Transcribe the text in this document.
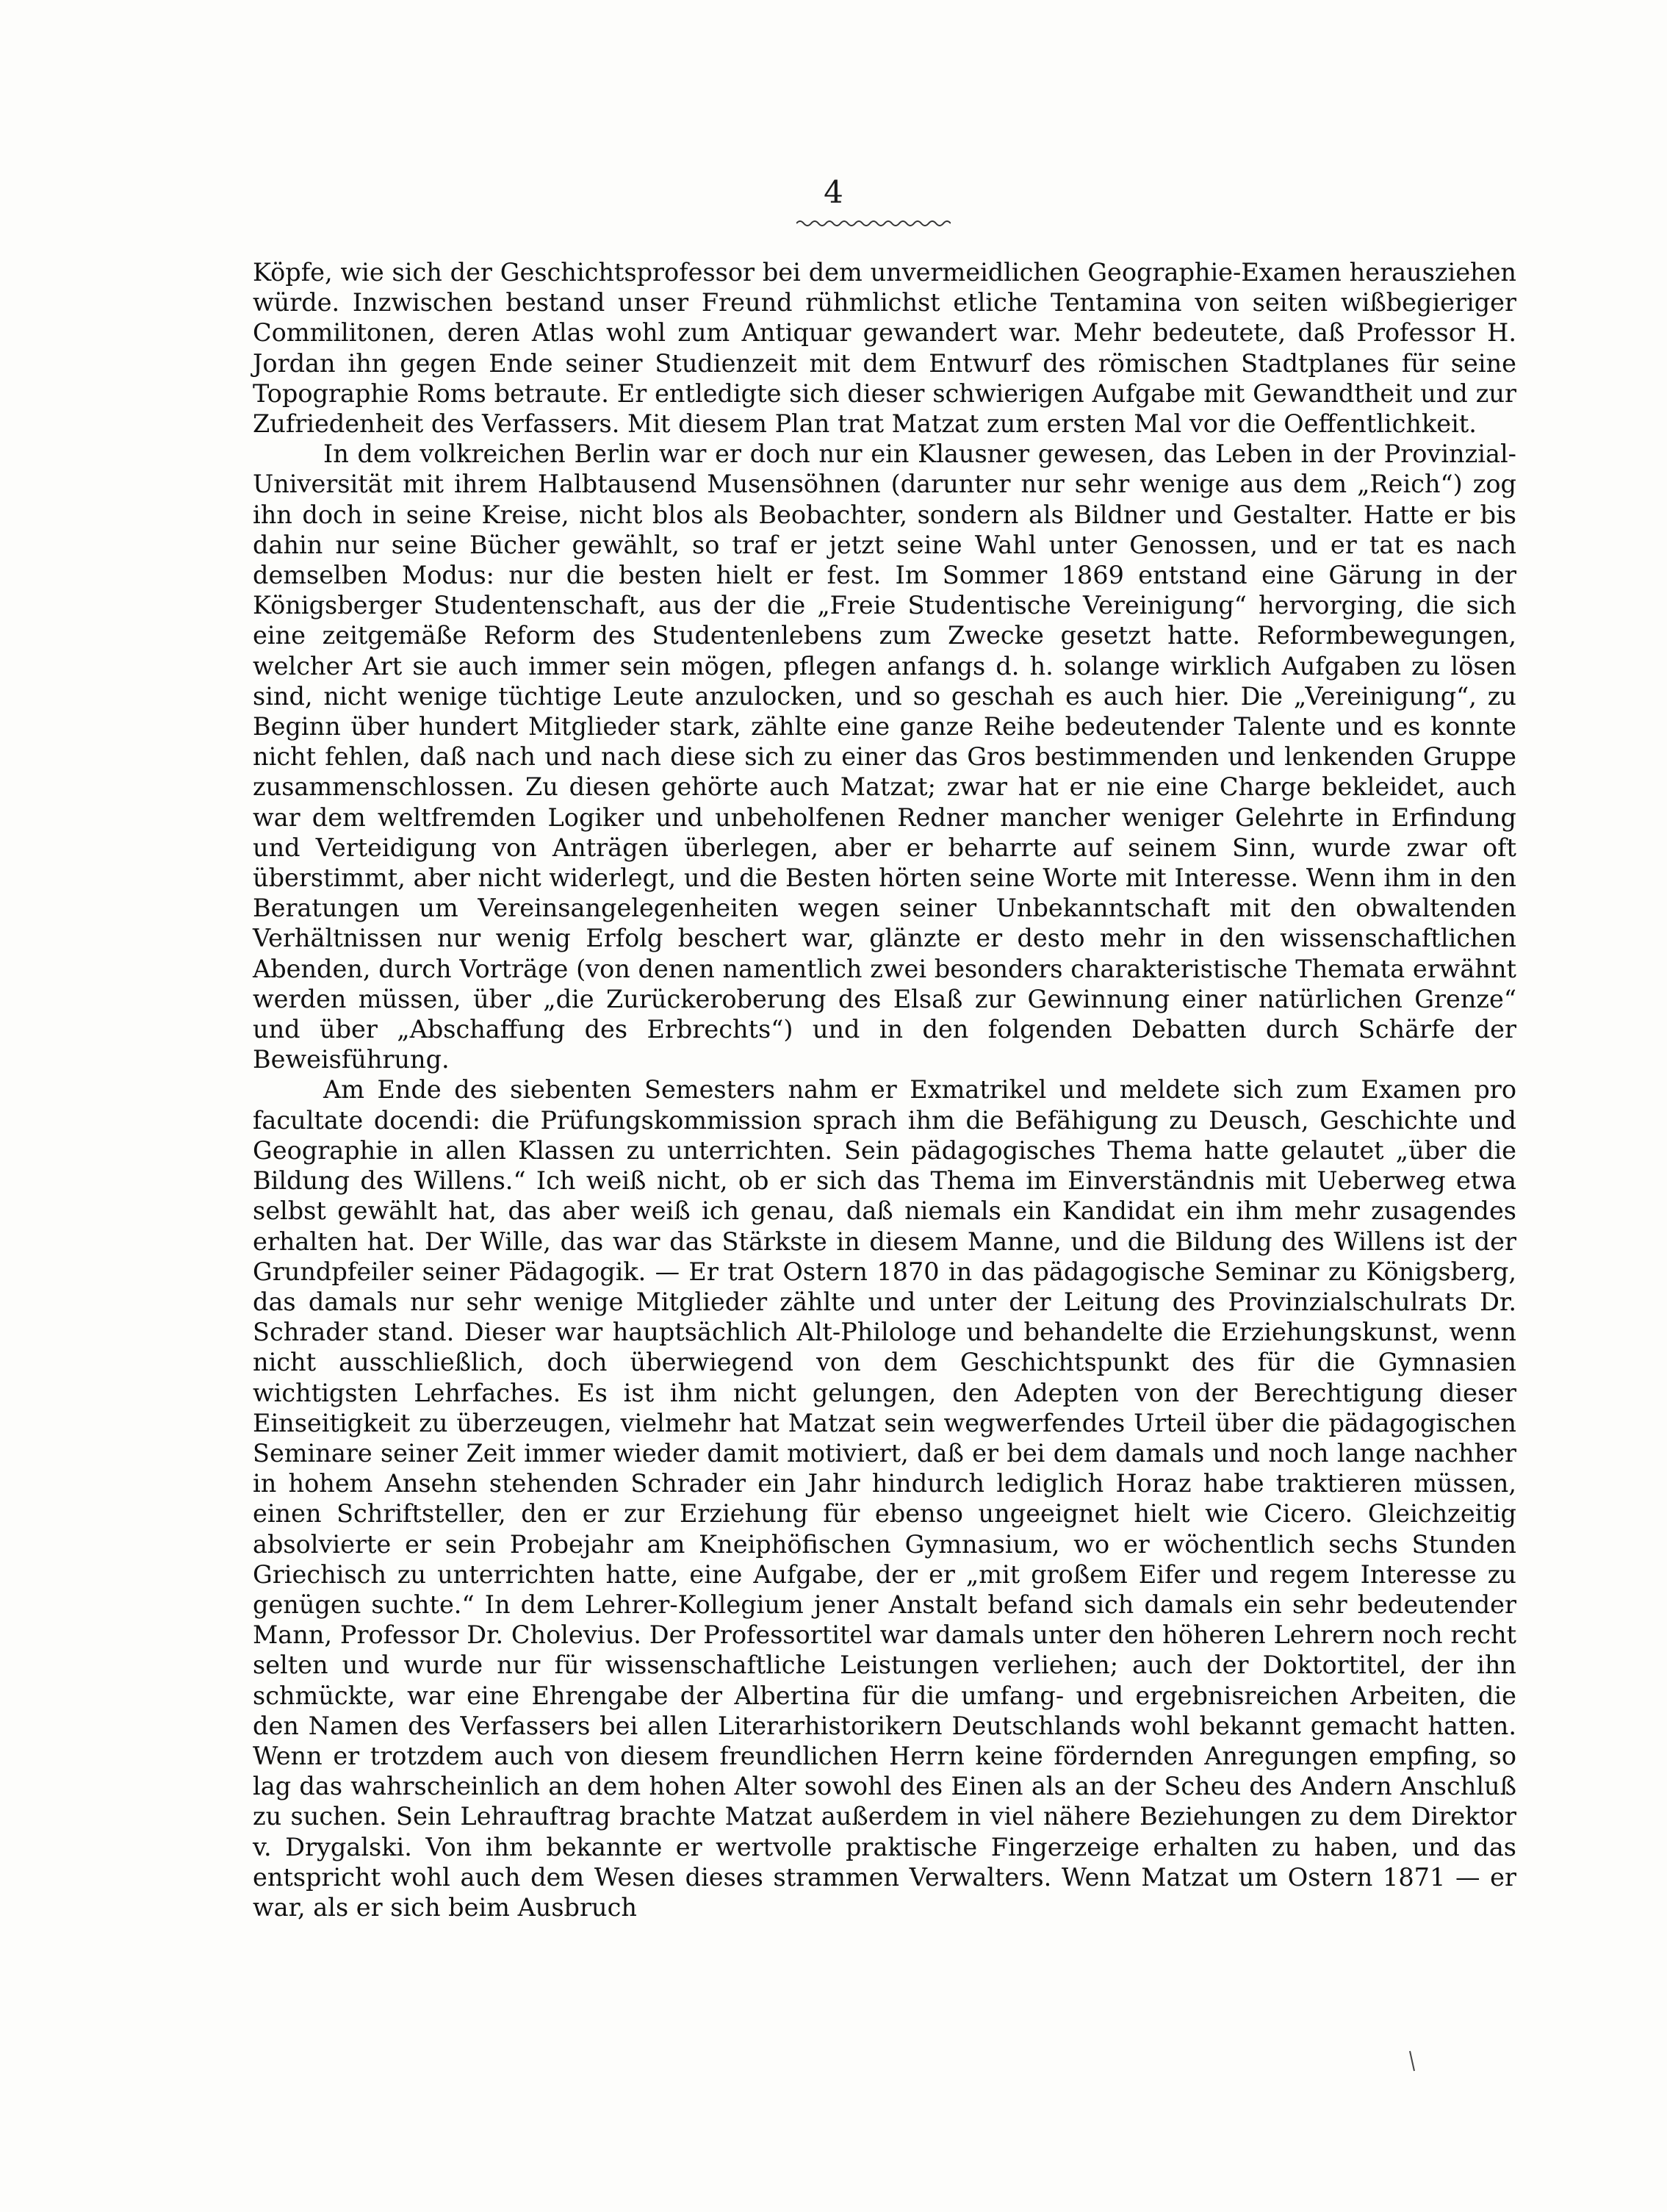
4

Köpfe, wie sich der Geschichtsprofessor bei dem unvermeidlichen Geographie-Examen herausziehen würde. Inzwischen bestand unser Freund rühmlichst etliche Tentamina von seiten wißbegieriger Commilitonen, deren Atlas wohl zum Antiquar gewandert war. Mehr bedeutete, daß Professor H. Jordan ihn gegen Ende seiner Studienzeit mit dem Entwurf des römischen Stadtplanes für seine Topographie Roms betraute. Er entledigte sich dieser schwierigen Aufgabe mit Gewandtheit und zur Zufriedenheit des Verfassers. Mit diesem Plan trat Matzat zum ersten Mal vor die Oeffentlichkeit.

In dem volkreichen Berlin war er doch nur ein Klausner gewesen, das Leben in der Provinzial-Universität mit ihrem Halbtausend Musensöhnen (darunter nur sehr wenige aus dem „Reich“) zog ihn doch in seine Kreise, nicht blos als Beobachter, sondern als Bildner und Gestalter. Hatte er bis dahin nur seine Bücher gewählt, so traf er jetzt seine Wahl unter Genossen, und er tat es nach demselben Modus: nur die besten hielt er fest. Im Sommer 1869 entstand eine Gärung in der Königsberger Studentenschaft, aus der die „Freie Studentische Vereinigung“ hervorging, die sich eine zeitgemäße Reform des Studentenlebens zum Zwecke gesetzt hatte. Reformbewegungen, welcher Art sie auch immer sein mögen, pflegen anfangs d. h. solange wirklich Aufgaben zu lösen sind, nicht wenige tüchtige Leute anzulocken, und so geschah es auch hier. Die „Vereinigung“, zu Beginn über hundert Mitglieder stark, zählte eine ganze Reihe bedeutender Talente und es konnte nicht fehlen, daß nach und nach diese sich zu einer das Gros bestimmenden und lenkenden Gruppe zusammenschlossen. Zu diesen gehörte auch Matzat; zwar hat er nie eine Charge bekleidet, auch war dem weltfremden Logiker und unbeholfenen Redner mancher weniger Gelehrte in Erfindung und Verteidigung von Anträgen überlegen, aber er beharrte auf seinem Sinn, wurde zwar oft überstimmt, aber nicht widerlegt, und die Besten hörten seine Worte mit Interesse. Wenn ihm in den Beratungen um Vereinsangelegenheiten wegen seiner Unbekanntschaft mit den obwaltenden Verhältnissen nur wenig Erfolg beschert war, glänzte er desto mehr in den wissenschaftlichen Abenden, durch Vorträge (von denen namentlich zwei besonders charakteristische Themata erwähnt werden müssen, über „die Zurückeroberung des Elsaß zur Gewinnung einer natürlichen Grenze“ und über „Abschaffung des Erbrechts“) und in den folgenden Debatten durch Schärfe der Beweisführung.

Am Ende des siebenten Semesters nahm er Exmatrikel und meldete sich zum Examen pro facultate docendi: die Prüfungskommission sprach ihm die Befähigung zu Deusch, Geschichte und Geographie in allen Klassen zu unterrichten. Sein pädagogisches Thema hatte gelautet „über die Bildung des Willens.“ Ich weiß nicht, ob er sich das Thema im Einverständnis mit Ueberweg etwa selbst gewählt hat, das aber weiß ich genau, daß niemals ein Kandidat ein ihm mehr zusagendes erhalten hat. Der Wille, das war das Stärkste in diesem Manne, und die Bildung des Willens ist der Grundpfeiler seiner Pädagogik. — Er trat Ostern 1870 in das pädagogische Seminar zu Königsberg, das damals nur sehr wenige Mitglieder zählte und unter der Leitung des Provinzialschulrats Dr. Schrader stand. Dieser war hauptsächlich Alt-Philologe und behandelte die Erziehungskunst, wenn nicht ausschließlich, doch überwiegend von dem Geschichtspunkt des für die Gymnasien wichtigsten Lehrfaches. Es ist ihm nicht gelungen, den Adepten von der Berechtigung dieser Einseitigkeit zu überzeugen, vielmehr hat Matzat sein wegwerfendes Urteil über die pädagogischen Seminare seiner Zeit immer wieder damit motiviert, daß er bei dem damals und noch lange nachher in hohem Ansehn stehenden Schrader ein Jahr hindurch lediglich Horaz habe traktieren müssen, einen Schriftsteller, den er zur Erziehung für ebenso ungeeignet hielt wie Cicero. Gleichzeitig absolvierte er sein Probejahr am Kneiphöfischen Gymnasium, wo er wöchentlich sechs Stunden Griechisch zu unterrichten hatte, eine Aufgabe, der er „mit großem Eifer und regem Interesse zu genügen suchte.“ In dem Lehrer-Kollegium jener Anstalt befand sich damals ein sehr bedeutender Mann, Professor Dr. Cholevius. Der Professortitel war damals unter den höheren Lehrern noch recht selten und wurde nur für wissenschaftliche Leistungen verliehen; auch der Doktortitel, der ihn schmückte, war eine Ehrengabe der Albertina für die umfang- und ergebnisreichen Arbeiten, die den Namen des Verfassers bei allen Literarhistorikern Deutschlands wohl bekannt gemacht hatten. Wenn er trotzdem auch von diesem freundlichen Herrn keine fördernden Anregungen empfing, so lag das wahrscheinlich an dem hohen Alter sowohl des Einen als an der Scheu des Andern Anschluß zu suchen. Sein Lehrauftrag brachte Matzat außerdem in viel nähere Beziehungen zu dem Direktor v. Drygalski. Von ihm bekannte er wertvolle praktische Fingerzeige erhalten zu haben, und das entspricht wohl auch dem Wesen dieses strammen Verwalters. Wenn Matzat um Ostern 1871 — er war, als er sich beim Ausbruch
